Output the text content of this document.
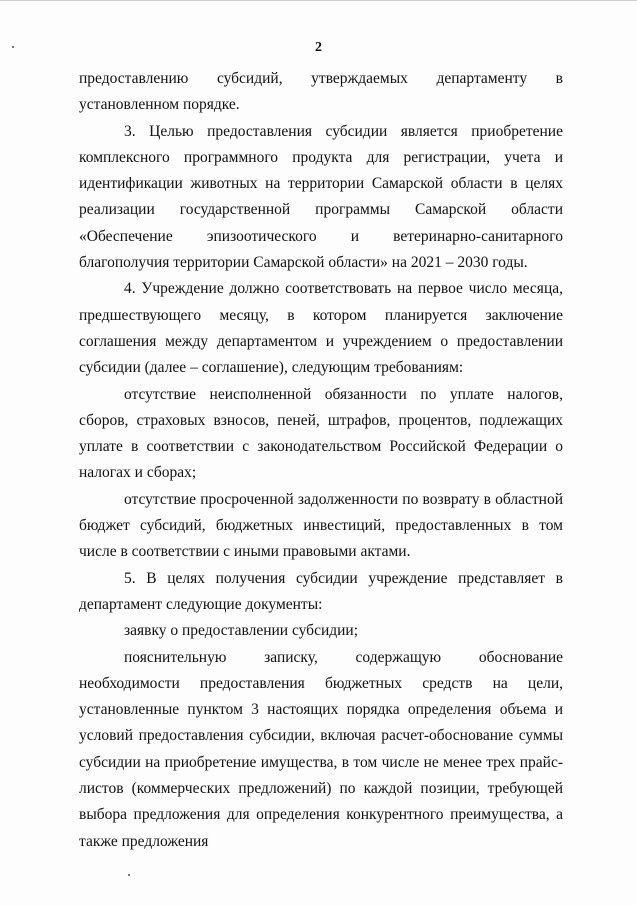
2

предоставлению субсидий, утверждаемых департаменту в установленном порядке.

3. Целью предоставления субсидии является приобретение комплексного программного продукта для регистрации, учета и идентификации животных на территории Самарской области в целях реализации государственной программы Самарской области «Обеспечение эпизоотического и ветеринарно-санитарного благополучия территории Самарской области» на 2021 – 2030 годы.

4. Учреждение должно соответствовать на первое число месяца, предшествующего месяцу, в котором планируется заключение соглашения между департаментом и учреждением о предоставлении субсидии (далее – соглашение), следующим требованиям:

отсутствие неисполненной обязанности по уплате налогов, сборов, страховых взносов, пеней, штрафов, процентов, подлежащих уплате в соответствии с законодательством Российской Федерации о налогах и сборах;

отсутствие просроченной задолженности по возврату в областной бюджет субсидий, бюджетных инвестиций, предоставленных в том числе в соответствии с иными правовыми актами.

5. В целях получения субсидии учреждение представляет в департамент следующие документы:

заявку о предоставлении субсидии;

пояснительную записку, содержащую обоснование необходимости предоставления бюджетных средств на цели, установленные пунктом 3 настоящих порядка определения объема и условий предоставления субсидии, включая расчет-обоснование суммы субсидии на приобретение имущества, в том числе не менее трех прайс-листов (коммерческих предложений) по каждой позиции, требующей выбора предложения для определения конкурентного преимущества, а также предложения
